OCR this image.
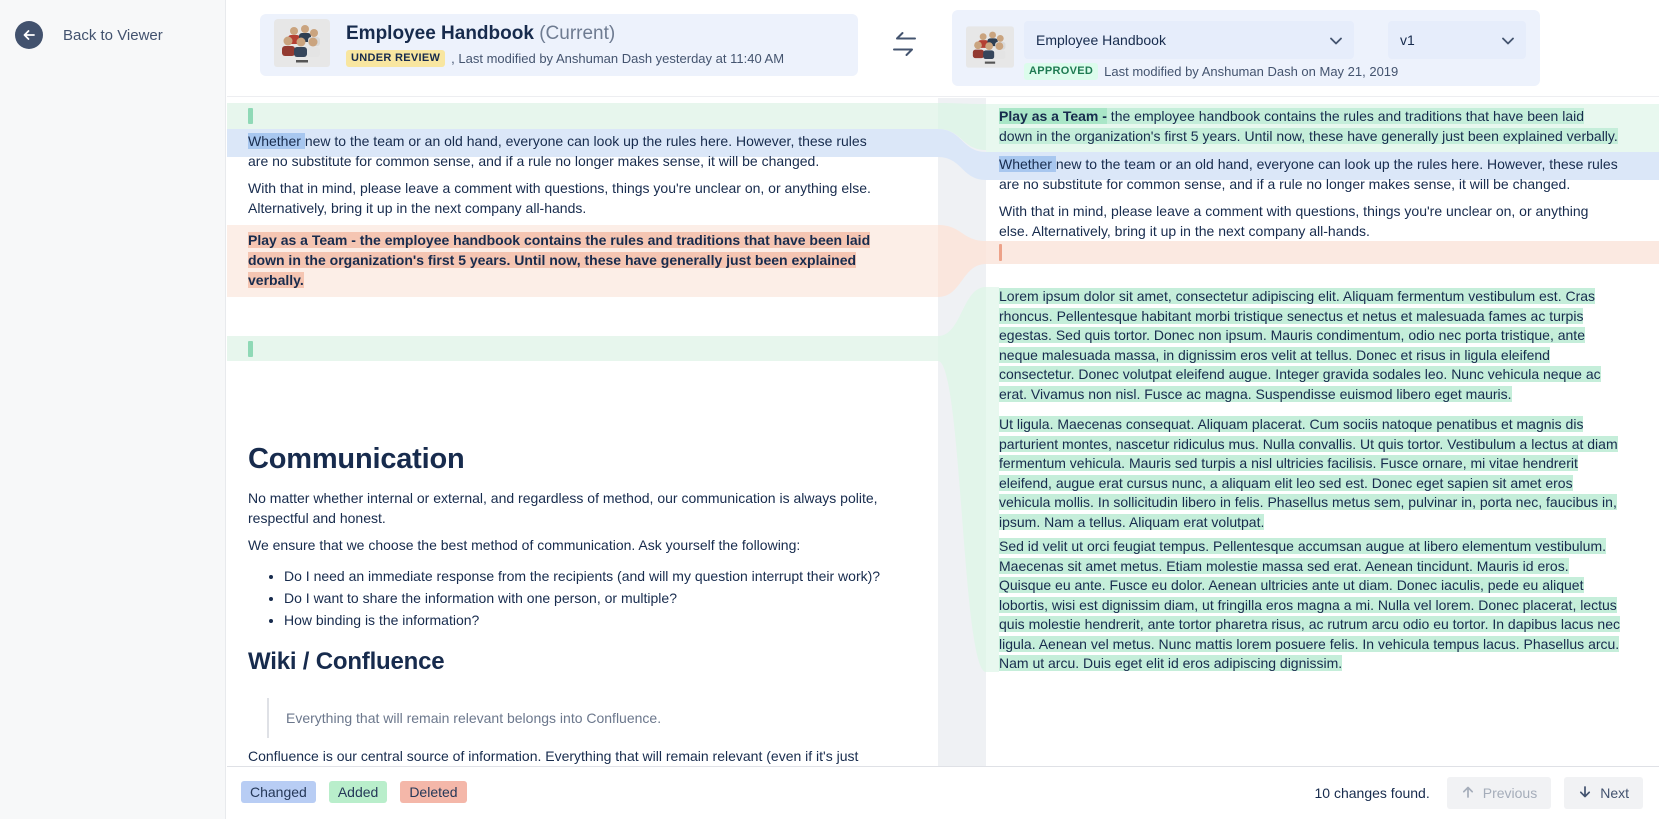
Back to Viewer	Employee Handbook (Current)
UNDER REVIEW , Last modified by Anshuman Dash yesterday at 11:40 AM
Employee Handbook	v1
APPROVED Last modified by Anshuman Dash on May 21, 2019
Whether new to the team or an old hand, everyone can look up the rules here. However, these rules are no substitute for common sense, and if a rule no longer makes sense, it will be changed.
With that in mind, please leave a comment with questions, things you're unclear on, or anything else. Alternatively, bring it up in the next company all-hands.
Play as a Team - the employee handbook contains the rules and traditions that have been laid down in the organization's first 5 years. Until now, these have generally just been explained verbally.
Communication
No matter whether internal or external, and regardless of method, our communication is always polite, respectful and honest.
We ensure that we choose the best method of communication. Ask yourself the following:
• Do I need an immediate response from the recipients (and will my question interrupt their work)?
• Do I want to share the information with one person, or multiple?
• How binding is the information?
Wiki / Confluence
Everything that will remain relevant belongs into Confluence.
Confluence is our central source of information. Everything that will remain relevant (even if it's just
Play as a Team - the employee handbook contains the rules and traditions that have been laid down in the organization's first 5 years. Until now, these have generally just been explained verbally.
Whether new to the team or an old hand, everyone can look up the rules here. However, these rules are no substitute for common sense, and if a rule no longer makes sense, it will be changed.
With that in mind, please leave a comment with questions, things you're unclear on, or anything else. Alternatively, bring it up in the next company all-hands.
Lorem ipsum dolor sit amet, consectetur adipiscing elit. Aliquam fermentum vestibulum est. Cras rhoncus. Pellentesque habitant morbi tristique senectus et netus et malesuada fames ac turpis egestas. Sed quis tortor. Donec non ipsum. Mauris condimentum, odio nec porta tristique, ante neque malesuada massa, in dignissim eros velit at tellus. Donec et risus in ligula eleifend consectetur. Donec volutpat eleifend augue. Integer gravida sodales leo. Nunc vehicula neque ac erat. Vivamus non nisl. Fusce ac magna. Suspendisse euismod libero eget mauris.
Ut ligula. Maecenas consequat. Aliquam placerat. Cum sociis natoque penatibus et magnis dis parturient montes, nascetur ridiculus mus. Nulla convallis. Ut quis tortor. Vestibulum a lectus at diam fermentum vehicula. Mauris sed turpis a nisl ultricies facilisis. Fusce ornare, mi vitae hendrerit eleifend, augue erat cursus nunc, a aliquam elit leo sed est. Donec eget sapien sit amet eros vehicula mollis. In sollicitudin libero in felis. Phasellus metus sem, pulvinar in, porta nec, faucibus in, ipsum. Nam a tellus. Aliquam erat volutpat.
Sed id velit ut orci feugiat tempus. Pellentesque accumsan augue at libero elementum vestibulum. Maecenas sit amet metus. Etiam molestie massa sed erat. Aenean tincidunt. Mauris id eros. Quisque eu ante. Fusce eu dolor. Aenean ultricies ante ut diam. Donec iaculis, pede eu aliquet lobortis, wisi est dignissim diam, ut fringilla eros magna a mi. Nulla vel lorem. Donec placerat, lectus quis molestie hendrerit, ante tortor pharetra risus, ac rutrum arcu odio eu tortor. In dapibus lacus nec ligula. Aenean vel metus. Nunc mattis lorem posuere felis. In vehicula tempus lacus. Phasellus arcu. Nam ut arcu. Duis eget elit id eros adipiscing dignissim.
Changed	Added	Deleted	10 changes found.	Previous	Next
